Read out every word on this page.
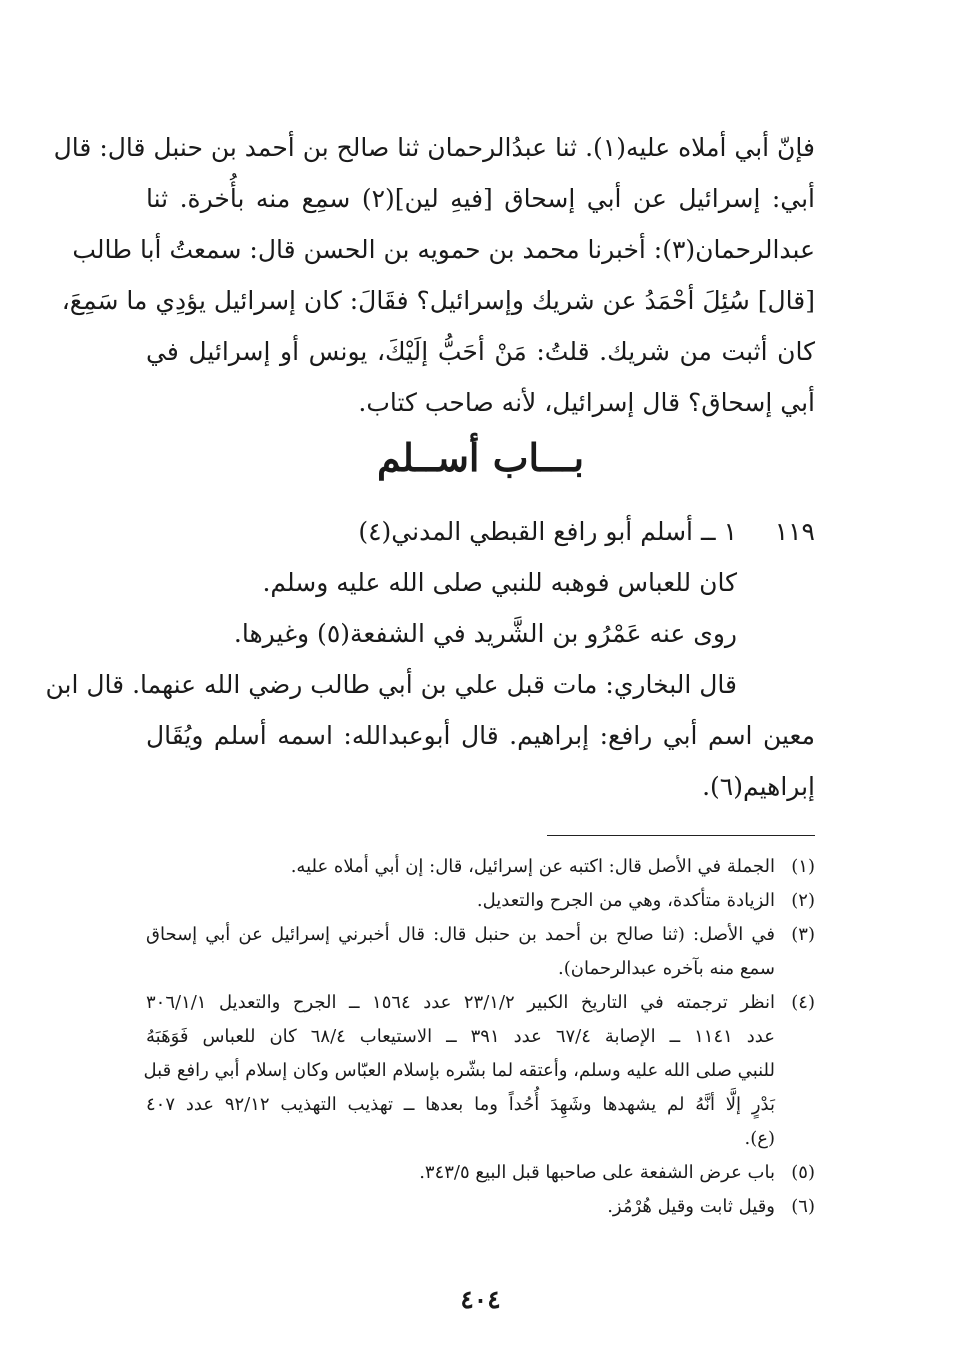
فإنّ أبي أملاه عليه(١). ثنا عبدُالرحمان ثنا صالح بن أحمد بن حنبل قال: قال
أبي: إسرائيل عن أبي إسحاق [فيهِ لين](٢) سمِع منه بأُخرة. ثنا
عبدالرحمان(٣): أخبرنا محمد بن حمويه بن الحسن قال: سمعتُ أبا طالب
[قال] سُئِلَ أحْمَدُ عن شريك وإسرائيل؟ فقَالَ: كان إسرائيل يؤدِي ما سَمِعَ،
كان أثبت من شريك. قلتُ: مَنْ أحَبُّ إلَيْكَ، يونس أو إسرائيل في
أبي إسحاق؟ قال إسرائيل، لأنه صاحب كتاب.
بـــاب أســلم
١١٩
١ ــ أسلم أبو رافع القبطي المدني(٤)
كان للعباس فوهبه للنبي صلى الله عليه وسلم.
روى عنه عَمْرُو بن الشَّريد في الشفعة(٥) وغيرها.
قال البخاري: مات قبل علي بن أبي طالب رضي الله عنهما. قال ابن
معين اسم أبي رافع: إبراهيم. قال أبوعبدالله: اسمه أسلم ويُقَال
إبراهيم(٦).
(١)
الجملة في الأصل قال: اكتبه عن إسرائيل، قال: إن أبي أملاه عليه.
(٢)
الزيادة متأكدة، وهي من الجرح والتعديل.
(٣)
في الأصل: (ثنا صالح بن أحمد بن حنبل قال: قال أخبرني إسرائيل عن أبي إسحاق
سمع منه بآخره عبدالرحمان).
(٤)
انظر ترجمته في التاريخ الكبير ٢٣/١/٢ عدد ١٥٦٤ ــ الجرح والتعديل ٣٠٦/١/١
عدد ١١٤١ ــ الإصابة ٦٧/٤ عدد ٣٩١ ــ الاستيعاب ٦٨/٤ كان للعباس فَوَهَبَهُ
للنبي صلى الله عليه وسلم، وأعتقه لما بشّره بإسلام العبّاس وكان إسلام أبي رافع قبل
بَدْرٍ إلَّا أنَّهُ لم يشهدها وشَهِدَ أُحُداً وما بعدها ــ تهذيب التهذيب ٩٢/١٢ عدد ٤٠٧
(ع).
(٥)
باب عرض الشفعة على صاحبها قبل البيع ٣٤٣/٥.
(٦)
وقيل ثابت وقيل هُرْمُز.
٤٠٤
